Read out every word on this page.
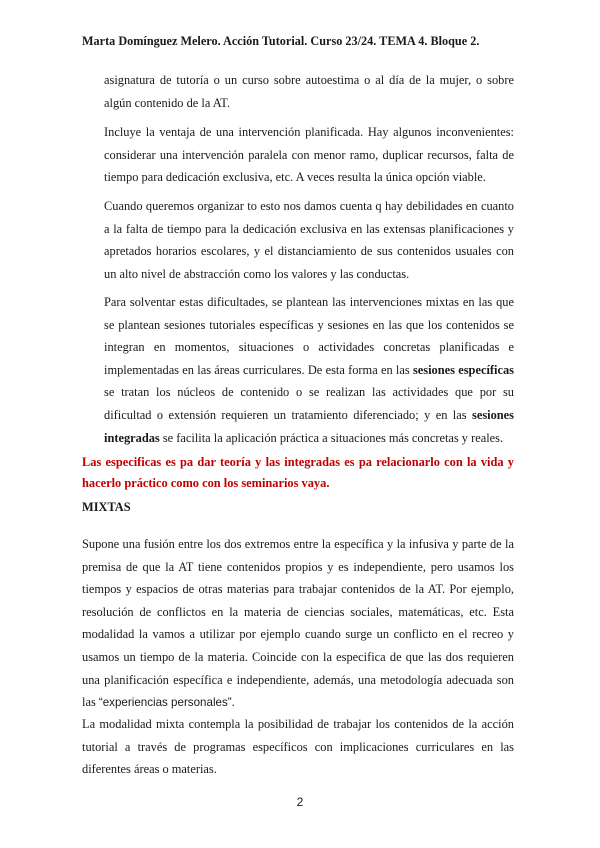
Marta Domínguez Melero. Acción Tutorial. Curso 23/24. TEMA 4. Bloque 2.
asignatura de tutoría o un curso sobre autoestima o al día de la mujer, o sobre algún contenido de la AT.
Incluye la ventaja de una intervención planificada. Hay algunos inconvenientes: considerar una intervención paralela con menor ramo, duplicar recursos, falta de tiempo para dedicación exclusiva, etc. A veces resulta la única opción viable.
Cuando queremos organizar to esto nos damos cuenta q hay debilidades en cuanto a la falta de tiempo para la dedicación exclusiva en las extensas planificaciones y apretados horarios escolares, y el distanciamiento de sus contenidos usuales con un alto nivel de abstracción como los valores y las conductas.
Para solventar estas dificultades, se plantean las intervenciones mixtas en las que se plantean sesiones tutoriales específicas y sesiones en las que los contenidos se integran en momentos, situaciones o actividades concretas planificadas e implementadas en las áreas curriculares. De esta forma en las sesiones específicas se tratan los núcleos de contenido o se realizan las actividades que por su dificultad o extensión requieren un tratamiento diferenciado; y en las sesiones integradas se facilita la aplicación práctica a situaciones más concretas y reales.
Las especificas es pa dar teoría y las integradas es pa relacionarlo con la vida y hacerlo práctico como con los seminarios vaya.
MIXTAS
Supone una fusión entre los dos extremos entre la específica y la infusiva y parte de la premisa de que la AT tiene contenidos propios y es independiente, pero usamos los tiempos y espacios de otras materias para trabajar contenidos de la AT. Por ejemplo, resolución de conflictos en la materia de ciencias sociales, matemáticas, etc. Esta modalidad la vamos a utilizar por ejemplo cuando surge un conflicto en el recreo y usamos un tiempo de la materia. Coincide con la especifica de que las dos requieren una planificación específica e independiente, además, una metodología adecuada son las “experiencias personales”.
La modalidad mixta contempla la posibilidad de trabajar los contenidos de la acción tutorial a través de programas específicos con implicaciones curriculares en las diferentes áreas o materias.
2
